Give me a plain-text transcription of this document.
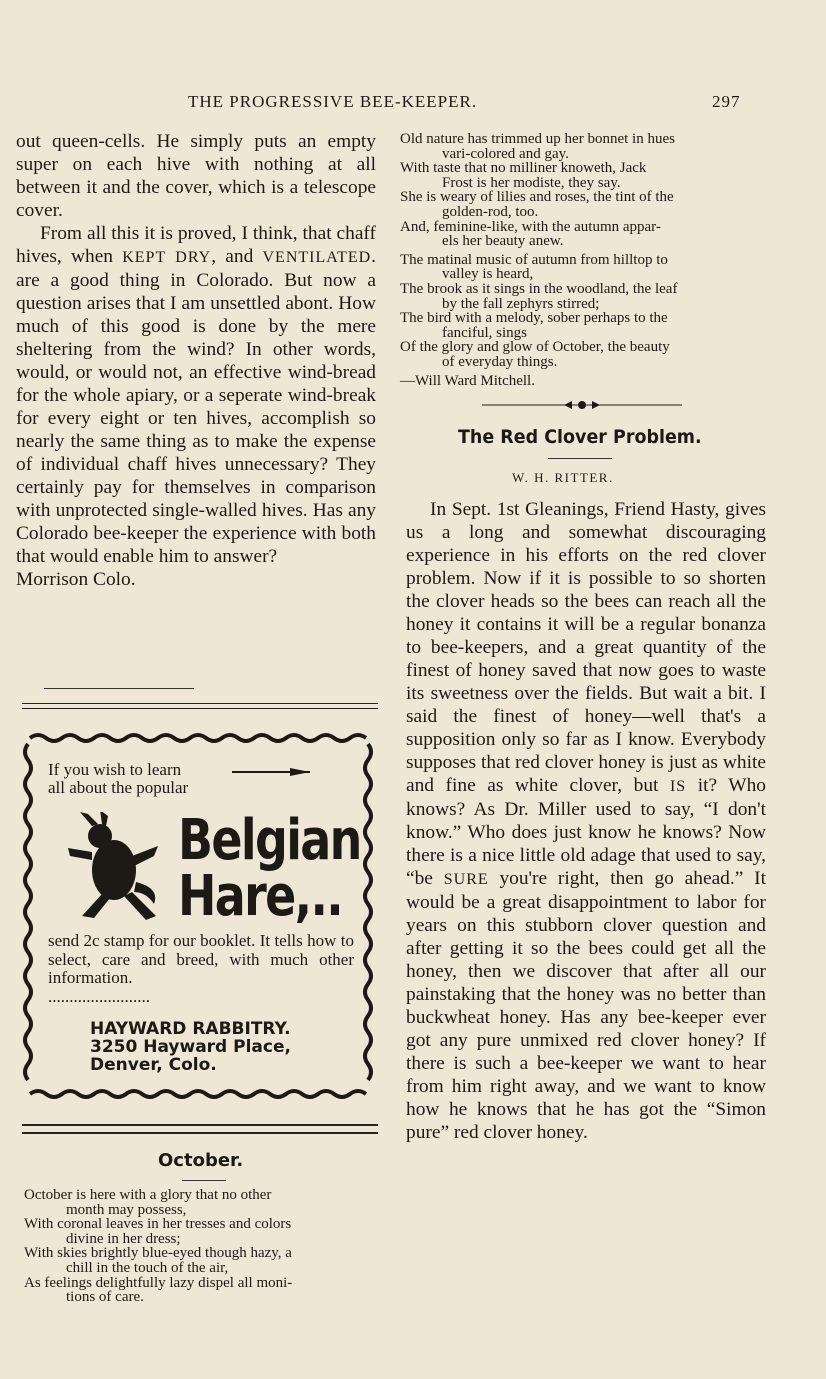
THE PROGRESSIVE BEE-KEEPER.	297

out queen-cells. He simply puts an empty super on each hive with nothing at all between it and the cover, which is a telescope cover.

From all this it is proved, I think, that chaff hives, when KEPT DRY, and VENTILATED. are a good thing in Colorado. But now a question arises that I am unsettled abont. How much of this good is done by the mere sheltering from the wind? In other words, would, or would not, an effective wind-bread for the whole apiary, or a seperate wind-break for every eight or ten hives, accomplish so nearly the same thing as to make the expense of individual chaff hives unnecessary? They certainly pay for themselves in comparison with unprotected single-walled hives. Has any Colorado bee-keeper the experience with both that would enable him to answer?

Morrison Colo.

If you wish to learn
all about the popular
Belgian
Hare,..

send 2c stamp for our booklet. It tells how to select, care and breed, with much other information.

........................

HAYWARD RABBITRY.
3250 Hayward Place,
Denver, Colo.
October.
October is here with a glory that no other
month may possess,
With coronal leaves in her tresses and colors
divine in her dress;
With skies brightly blue-eyed though hazy, a
chill in the touch of the air,
As feelings delightfully lazy dispel all moni-
tions of care.
Old nature has trimmed up her bonnet in hues
vari-colored and gay.
With taste that no milliner knoweth, Jack
Frost is her modiste, they say.
She is weary of lilies and roses, the tint of the
golden-rod, too.
And, feminine-like, with the autumn appar-
els her beauty anew.
The matinal music of autumn from hilltop to
valley is heard,
The brook as it sings in the woodland, the leaf
by the fall zephyrs stirred;
The bird with a melody, sober perhaps to the
fanciful, sings
Of the glory and glow of October, the beauty
of everyday things.
—Will Ward Mitchell.
The Red Clover Problem.
W. H. RITTER.

In Sept. 1st Gleanings, Friend Hasty, gives us a long and somewhat discouraging experience in his efforts on the red clover problem. Now if it is possible to so shorten the clover heads so the bees can reach all the honey it contains it will be a regular bonanza to bee-keepers, and a great quantity of the finest of honey saved that now goes to waste its sweetness over the fields. But wait a bit. I said the finest of honey—well that's a supposition only so far as I know. Everybody supposes that red clover honey is just as white and fine as white clover, but IS it? Who knows? As Dr. Miller used to say, “I don't know.” Who does just know he knows? Now there is a nice little old adage that used to say, “be SURE you're right, then go ahead.” It would be a great disappointment to labor for years on this stubborn clover question and after getting it so the bees could get all the honey, then we discover that after all our painstaking that the honey was no better than buckwheat honey. Has any bee-keeper ever got any pure unmixed red clover honey? If there is such a bee-keeper we want to hear from him right away, and we want to know how he knows that he has got the “Simon pure” red clover honey.
